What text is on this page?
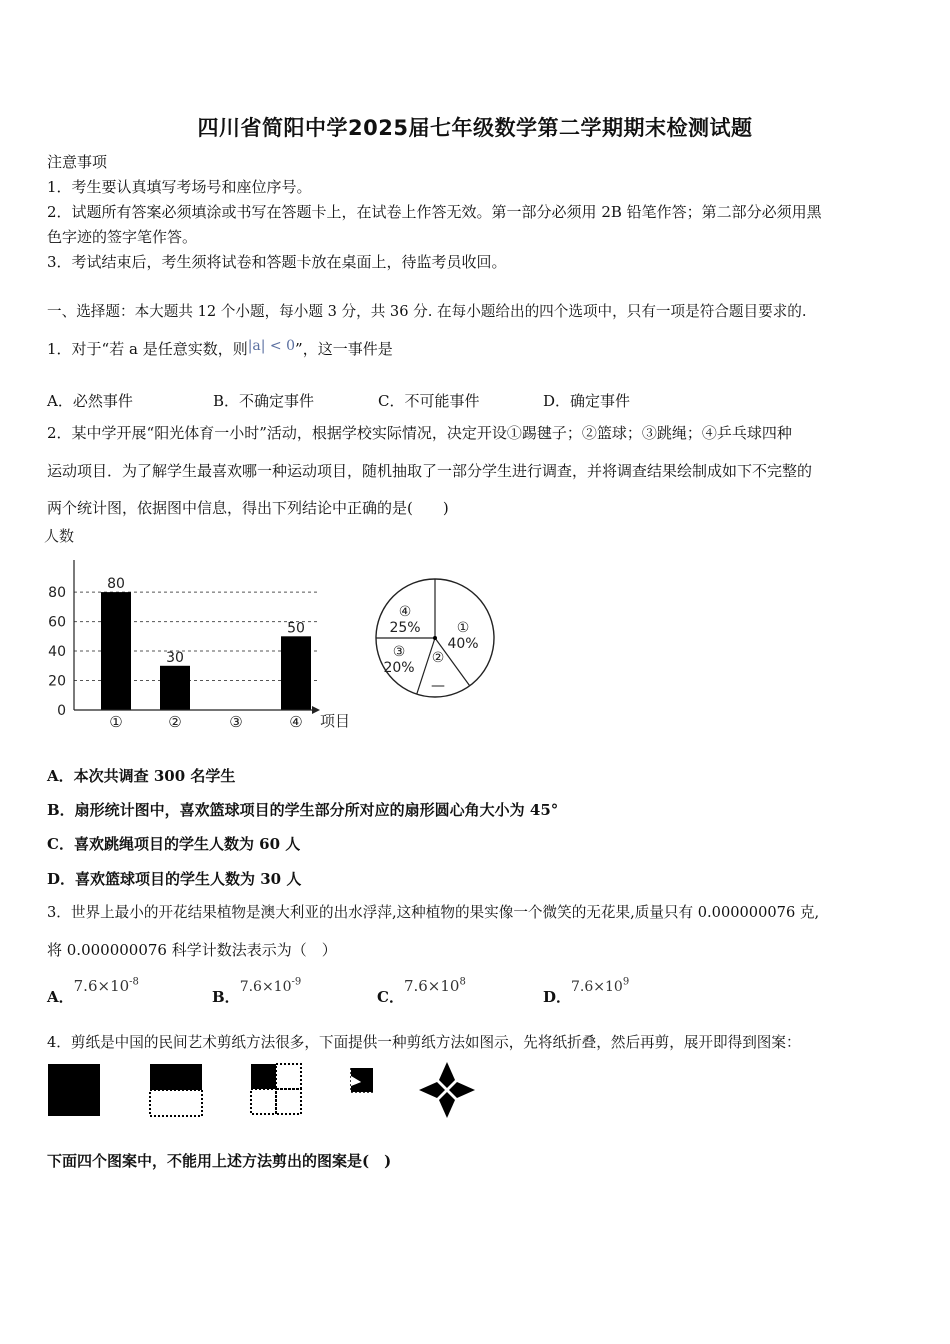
四川省简阳中学2025届七年级数学第二学期期末检测试题
注意事项
1．考生要认真填写考场号和座位序号。
2．试题所有答案必须填涂或书写在答题卡上，在试卷上作答无效。第一部分必须用 2B 铅笔作答；第二部分必须用黑
色字迹的签字笔作答。
3．考试结束后，考生须将试卷和答题卡放在桌面上，待监考员收回。
一、选择题：本大题共 12 个小题，每小题 3 分，共 36 分. 在每小题给出的四个选项中，只有一项是符合题目要求的.
1．对于“若 a 是任意实数，则|a| < 0”，这一事件是
A．必然事件	B．不确定事件	C．不可能事件	D．确定事件
2．某中学开展“阳光体育一小时”活动，根据学校实际情况，决定开设①踢毽子；②篮球；③跳绳；④乒乓球四种
运动项目．为了解学生最喜欢哪一种运动项目，随机抽取了一部分学生进行调查，并将调查结果绘制成如下不完整的
两个统计图，依据图中信息，得出下列结论中正确的是(　　)
人数
0
20
40
60
80
80
30
50
①	②	③	④ 项目
①
40%
②
③
20%
④
25%
—
A．本次共调查 300 名学生
B．扇形统计图中，喜欢篮球项目的学生部分所对应的扇形圆心角大小为 45°
C．喜欢跳绳项目的学生人数为 60 人
D．喜欢篮球项目的学生人数为 30 人
3．世界上最小的开花结果植物是澳大利亚的出水浮萍,这种植物的果实像一个微笑的无花果,质量只有 0.000000076 克,
将 0.000000076 科学计数法表示为（　）
A．$7.6\times 10^{-8}$
B．$7.6\times 10^{-9}$
C．$7.6\times 10^8$
D．$7.6\times 10^9$
4．剪纸是中国的民间艺术剪纸方法很多，下面提供一种剪纸方法如图示，先将纸折叠，然后再剪，展开即得到图案：
下面四个图案中，不能用上述方法剪出的图案是(　)
